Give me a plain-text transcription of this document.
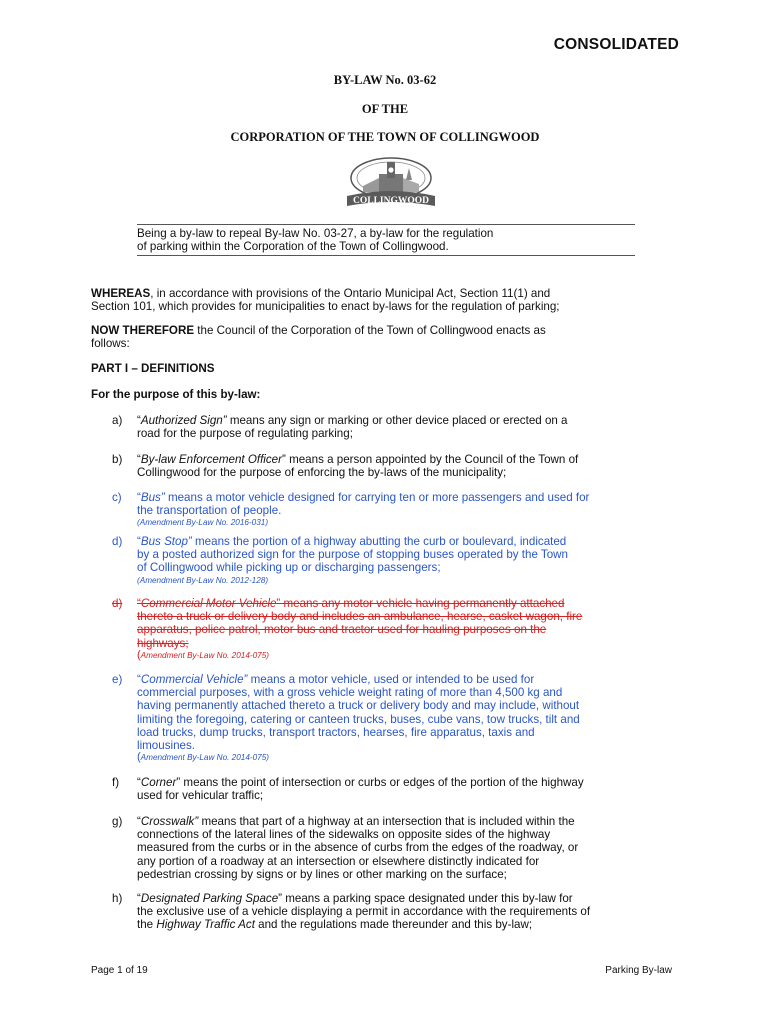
CONSOLIDATED
BY-LAW No. 03-62
OF THE
CORPORATION OF THE TOWN OF COLLINGWOOD
COLLINGWOOD
Being a by-law to repeal By-law No. 03-27, a by-law for the regulation
of parking within the Corporation of the Town of Collingwood.
WHEREAS, in accordance with provisions of the Ontario Municipal Act, Section 11(1) and
Section 101, which provides for municipalities to enact by-laws for the regulation of parking;
NOW THEREFORE the Council of the Corporation of the Town of Collingwood enacts as
follows:
PART I – DEFINITIONS
For the purpose of this by-law:
a) “Authorized Sign” means any sign or marking or other device placed or erected on a
road for the purpose of regulating parking;
b) “By-law Enforcement Officer” means a person appointed by the Council of the Town of
Collingwood for the purpose of enforcing the by-laws of the municipality;
c) “Bus” means a motor vehicle designed for carrying ten or more passengers and used for
the transportation of people.
(Amendment By-Law No. 2016-031)
d) “Bus Stop” means the portion of a highway abutting the curb or boulevard, indicated
by a posted authorized sign for the purpose of stopping buses operated by the Town
of Collingwood while picking up or discharging passengers;
(Amendment By-Law No. 2012-128)
d) “Commercial Motor Vehicle” means any motor vehicle having permanently attached
thereto a truck or delivery body and includes an ambulance, hearse, casket wagon, fire
apparatus, police patrol, motor bus and tractor used for hauling purposes on the
highways;
(Amendment By-Law No. 2014-075)
e) “Commercial Vehicle” means a motor vehicle, used or intended to be used for
commercial purposes, with a gross vehicle weight rating of more than 4,500 kg and
having permanently attached thereto a truck or delivery body and may include, without
limiting the foregoing, catering or canteen trucks, buses, cube vans, tow trucks, tilt and
load trucks, dump trucks, transport tractors, hearses, fire apparatus, taxis and
limousines.
(Amendment By-Law No. 2014-075)
f) “Corner” means the point of intersection or curbs or edges of the portion of the highway
used for vehicular traffic;
g) “Crosswalk” means that part of a highway at an intersection that is included within the
connections of the lateral lines of the sidewalks on opposite sides of the highway
measured from the curbs or in the absence of curbs from the edges of the roadway, or
any portion of a roadway at an intersection or elsewhere distinctly indicated for
pedestrian crossing by signs or by lines or other marking on the surface;
h) “Designated Parking Space” means a parking space designated under this by-law for
the exclusive use of a vehicle displaying a permit in accordance with the requirements of
the Highway Traffic Act and the regulations made thereunder and this by-law;
Page 1 of 19	Parking By-law
